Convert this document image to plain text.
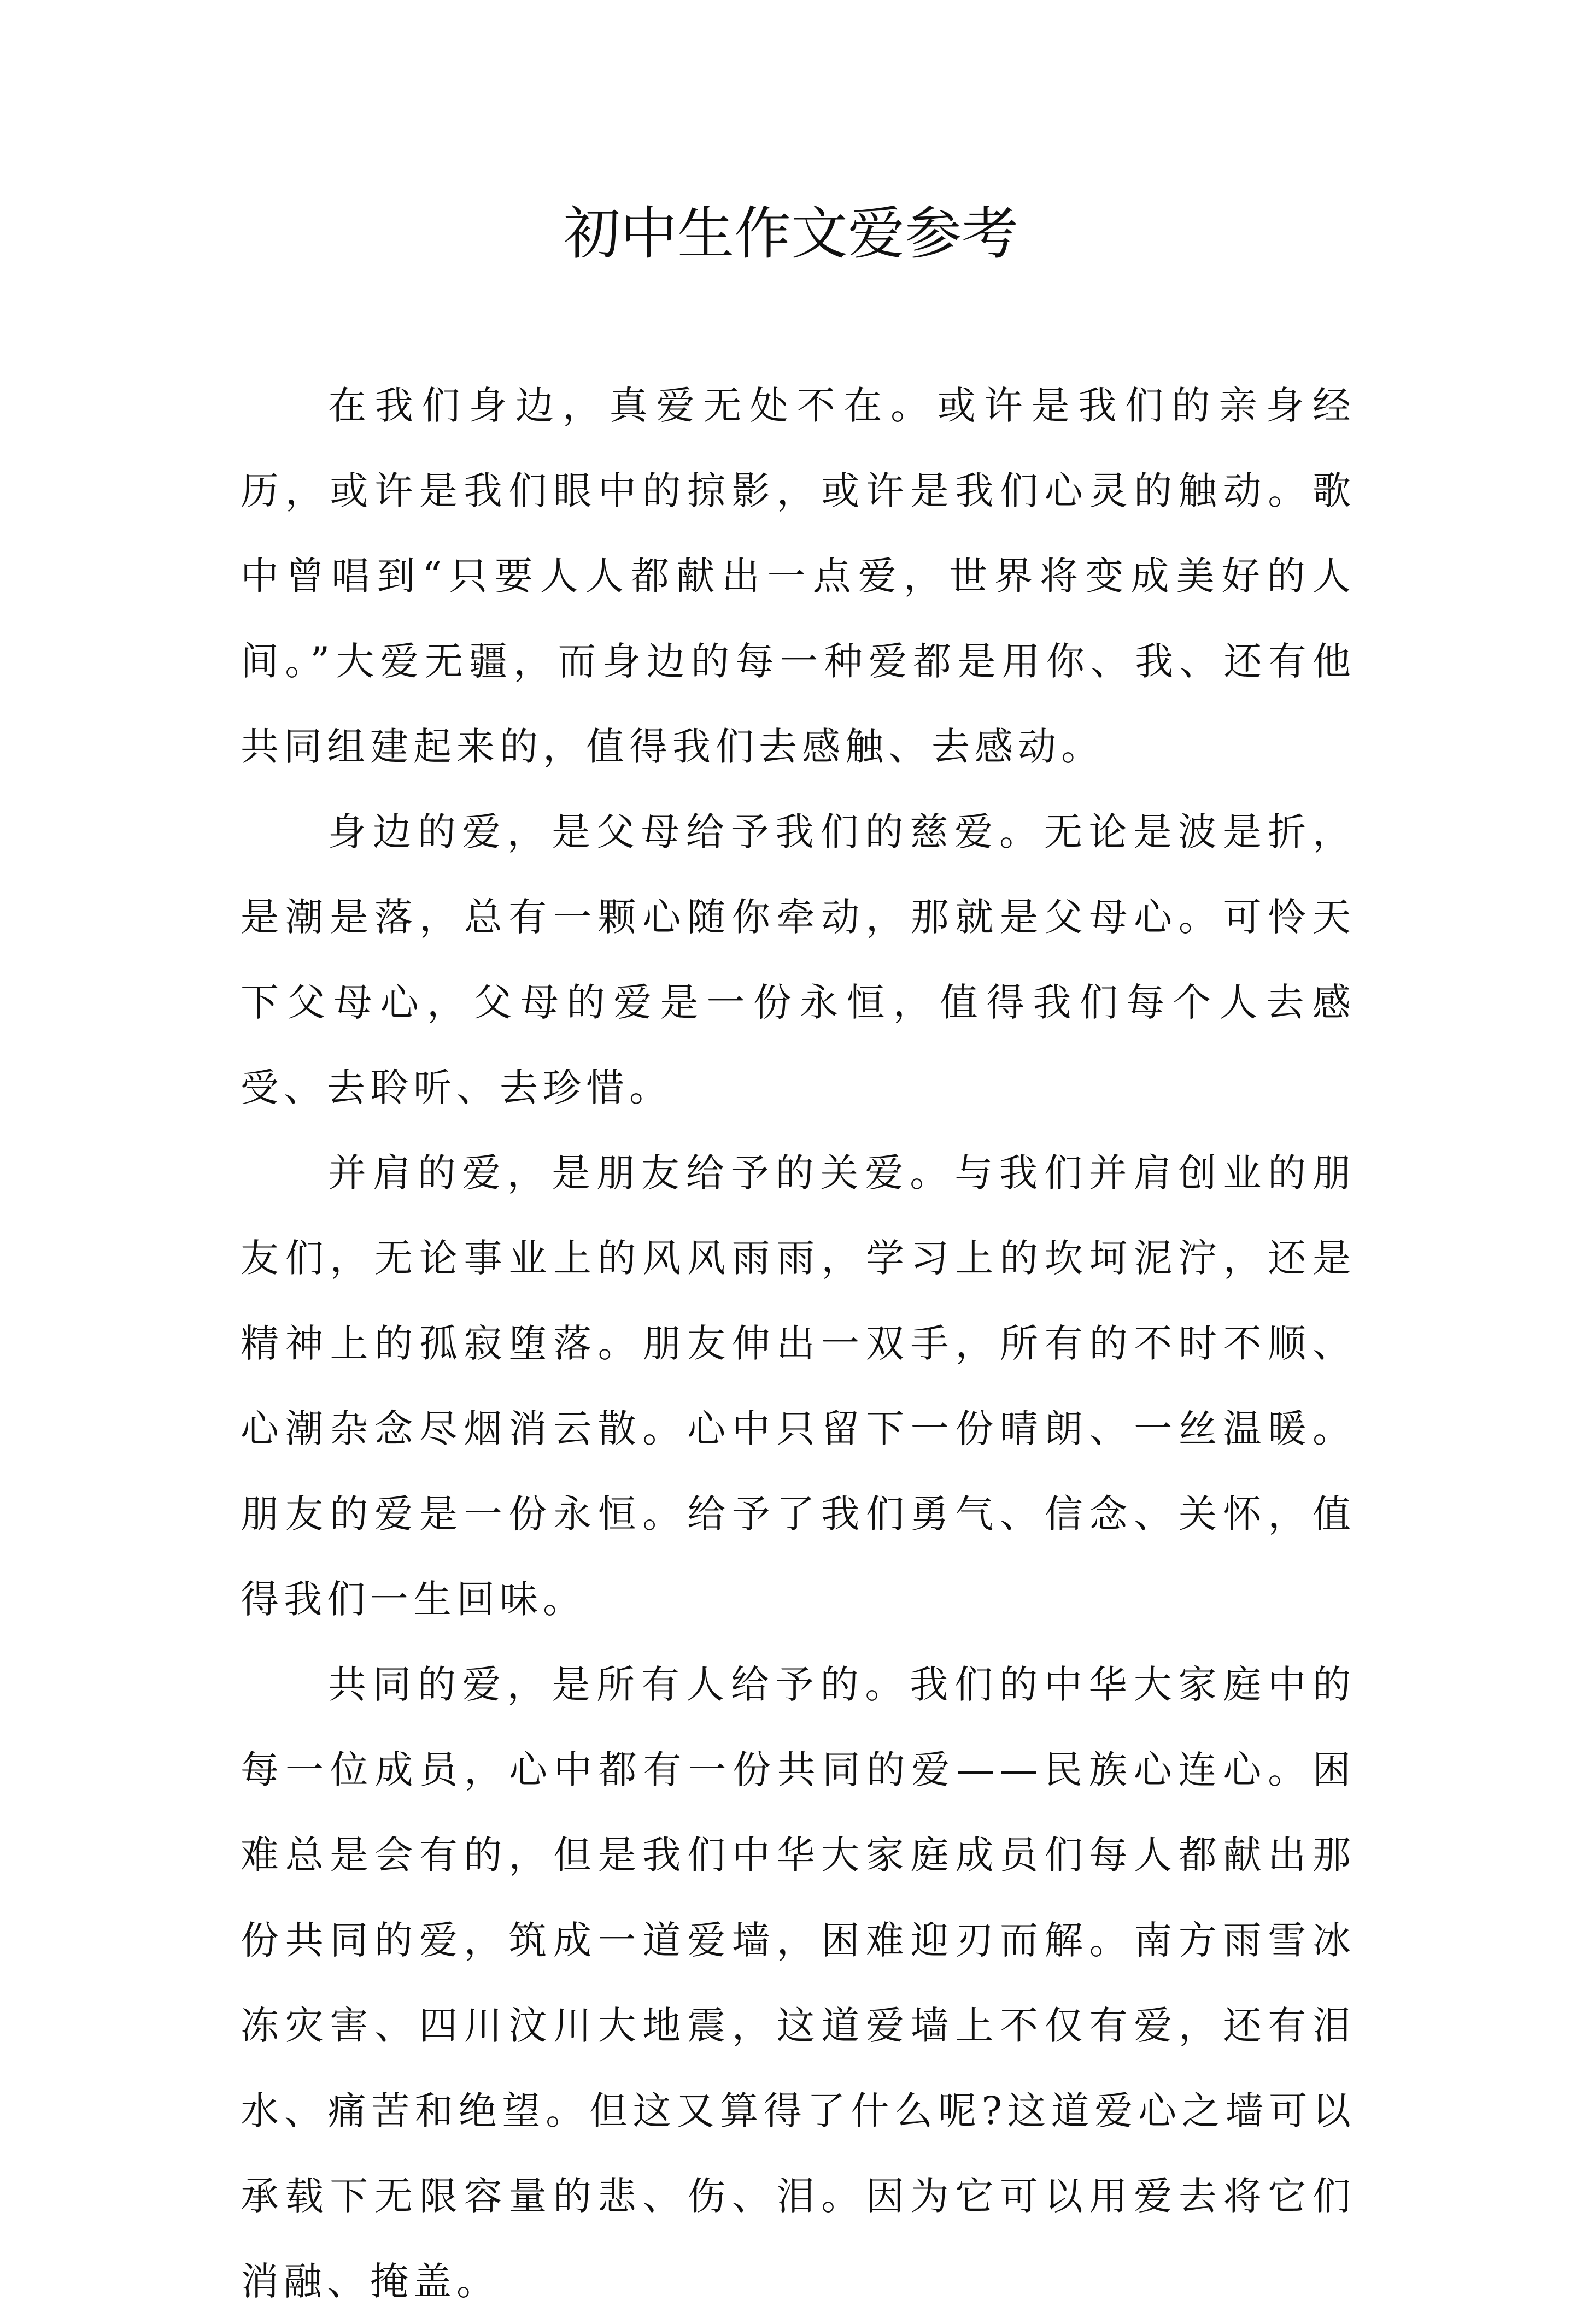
初中生作文爱参考

在我们身边，真爱无处不在。或许是我们的亲身经历，或许是我们眼中的掠影，或许是我们心灵的触动。歌中曾唱到“只要人人都献出一点爱，世界将变成美好的人间。”大爱无疆，而身边的每一种爱都是用你、我、还有他共同组建起来的，值得我们去感触、去感动。

身边的爱，是父母给予我们的慈爱。无论是波是折，是潮是落，总有一颗心随你牵动，那就是父母心。可怜天下父母心，父母的爱是一份永恒，值得我们每个人去感受、去聆听、去珍惜。

并肩的爱，是朋友给予的关爱。与我们并肩创业的朋友们，无论事业上的风风雨雨，学习上的坎坷泥泞，还是精神上的孤寂堕落。朋友伸出一双手，所有的不时不顺、心潮杂念尽烟消云散。心中只留下一份晴朗、一丝温暖。朋友的爱是一份永恒。给予了我们勇气、信念、关怀，值得我们一生回味。

共同的爱，是所有人给予的。我们的中华大家庭中的每一位成员，心中都有一份共同的爱——民族心连心。困难总是会有的，但是我们中华大家庭成员们每人都献出那份共同的爱，筑成一道爱墙，困难迎刃而解。南方雨雪冰冻灾害、四川汶川大地震，这道爱墙上不仅有爱，还有泪水、痛苦和绝望。但这又算得了什么呢?这道爱心之墙可以承载下无限容量的悲、伤、泪。因为它可以用爱去将它们消融、掩盖。
